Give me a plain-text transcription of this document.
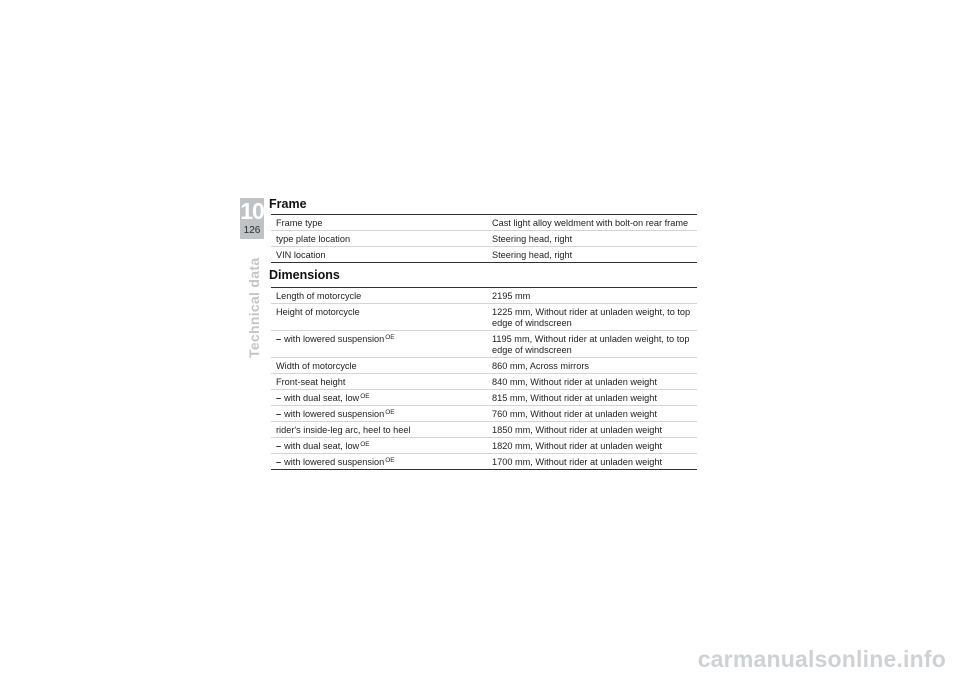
10
126
Technical data
Frame
Frame type	Cast light alloy weldment with bolt-on rear frame
type plate location	Steering head, right
VIN location	Steering head, right
Dimensions
Length of motorcycle	2195 mm
Height of motorcycle	1225 mm, Without rider at unladen weight, to top edge of windscreen
– with lowered suspension$^{OE}$	1195 mm, Without rider at unladen weight, to top edge of windscreen
Width of motorcycle	860 mm, Across mirrors
Front-seat height	840 mm, Without rider at unladen weight
– with dual seat, low$^{OE}$	815 mm, Without rider at unladen weight
– with lowered suspension$^{OE}$	760 mm, Without rider at unladen weight
rider's inside-leg arc, heel to heel	1850 mm, Without rider at unladen weight
– with dual seat, low$^{OE}$	1820 mm, Without rider at unladen weight
– with lowered suspension$^{OE}$	1700 mm, Without rider at unladen weight
carmanualsonline.info
